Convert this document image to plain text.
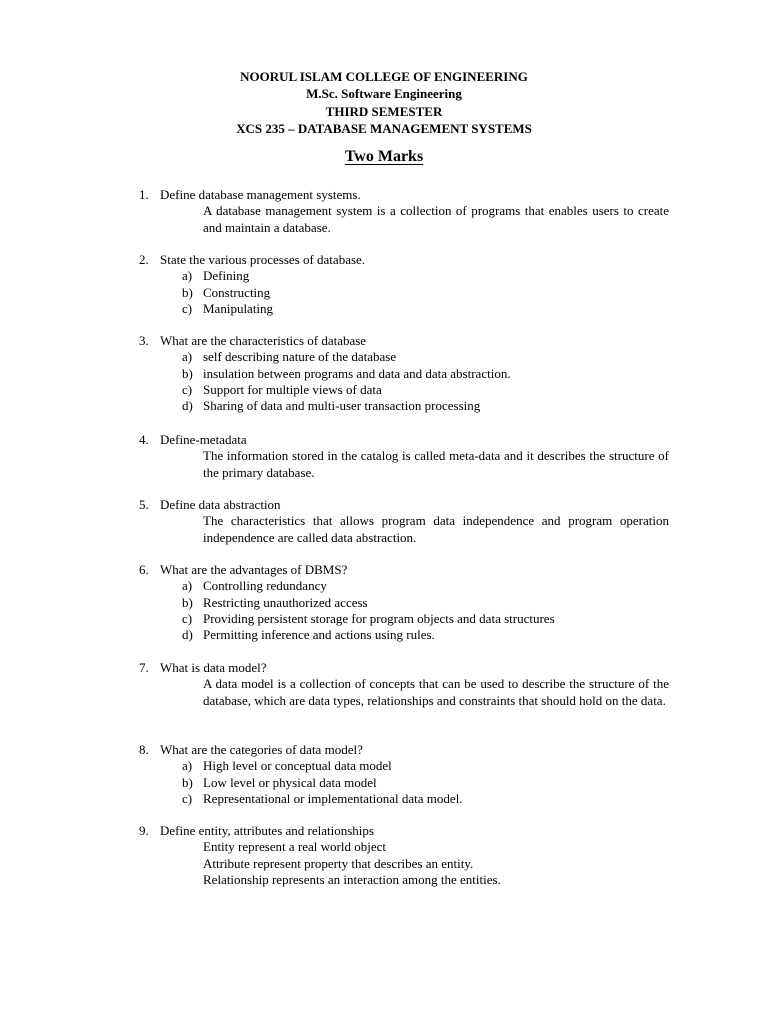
NOORUL ISLAM COLLEGE OF ENGINEERING
M.Sc. Software Engineering
THIRD SEMESTER
XCS 235 – DATABASE MANAGEMENT SYSTEMS
Two Marks
1. Define database management systems.
A database management system is a collection of programs that enables users to create and maintain a database.
2. State the various processes of database.
a) Defining
b) Constructing
c) Manipulating
3. What are the characteristics of database
a) self describing nature of the database
b) insulation between programs and data and data abstraction.
c) Support for multiple views of data
d) Sharing of data and multi-user transaction processing
4. Define-metadata
The information stored in the catalog is called meta-data and it describes the structure of the primary database.
5. Define data abstraction
The characteristics that allows program data independence and program operation independence are called data abstraction.
6. What are the advantages of DBMS?
a) Controlling redundancy
b) Restricting unauthorized access
c) Providing persistent storage for program objects and data structures
d) Permitting inference and actions using rules.
7. What is data model?
A data model is a collection of concepts that can be used to describe the structure of the database, which are data types, relationships and constraints that should hold on the data.
8. What are the categories of data model?
a) High level or conceptual data model
b) Low level or physical data model
c) Representational or implementational data model.
9. Define entity, attributes and relationships
Entity represent a real world object
Attribute represent property that describes an entity.
Relationship represents an interaction among the entities.
